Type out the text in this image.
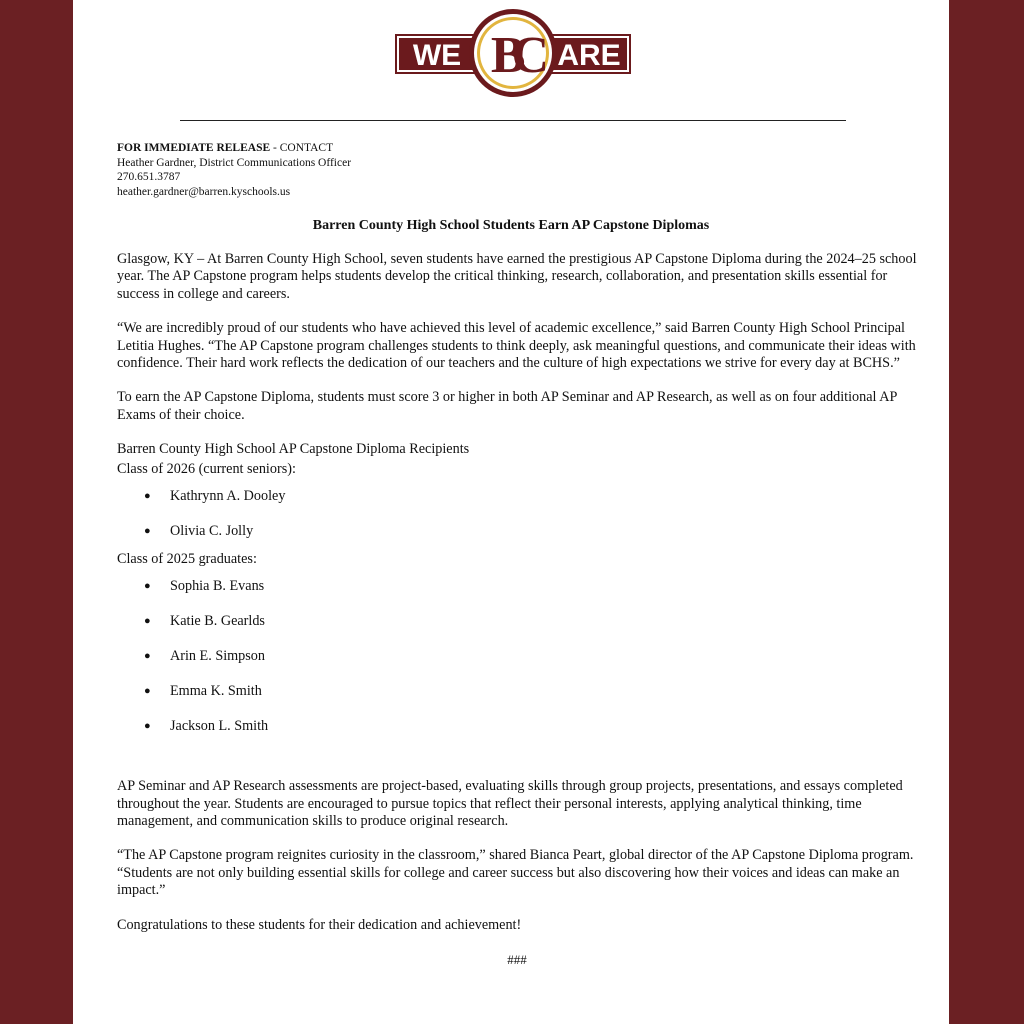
WE	ARE
BC
FOR IMMEDIATE RELEASE - CONTACT
Heather Gardner, District Communications Officer
270.651.3787
heather.gardner@barren.kyschools.us
Barren County High School Students Earn AP Capstone Diplomas

Glasgow, KY – At Barren County High School, seven students have earned the prestigious AP Capstone Diploma during the 2024–25 school year. The AP Capstone program helps students develop the critical thinking, research, collaboration, and presentation skills essential for success in college and careers.

“We are incredibly proud of our students who have achieved this level of academic excellence,” said Barren County High School Principal Letitia Hughes. “The AP Capstone program challenges students to think deeply, ask meaningful questions, and communicate their ideas with confidence. Their hard work reflects the dedication of our teachers and the culture of high expectations we strive for every day at BCHS.”

To earn the AP Capstone Diploma, students must score 3 or higher in both AP Seminar and AP Research, as well as on four additional AP Exams of their choice.

Barren County High School AP Capstone Diploma Recipients

Class of 2026 (current seniors):

● Kathrynn A. Dooley
● Olivia C. Jolly

Class of 2025 graduates:

● Sophia B. Evans
● Katie B. Gearlds
● Arin E. Simpson
● Emma K. Smith
● Jackson L. Smith

AP Seminar and AP Research assessments are project-based, evaluating skills through group projects, presentations, and essays completed throughout the year. Students are encouraged to pursue topics that reflect their personal interests, applying analytical thinking, time management, and communication skills to produce original research.

“The AP Capstone program reignites curiosity in the classroom,” shared Bianca Peart, global director of the AP Capstone Diploma program. “Students are not only building essential skills for college and career success but also discovering how their voices and ideas can make an impact.”

Congratulations to these students for their dedication and achievement!

###
